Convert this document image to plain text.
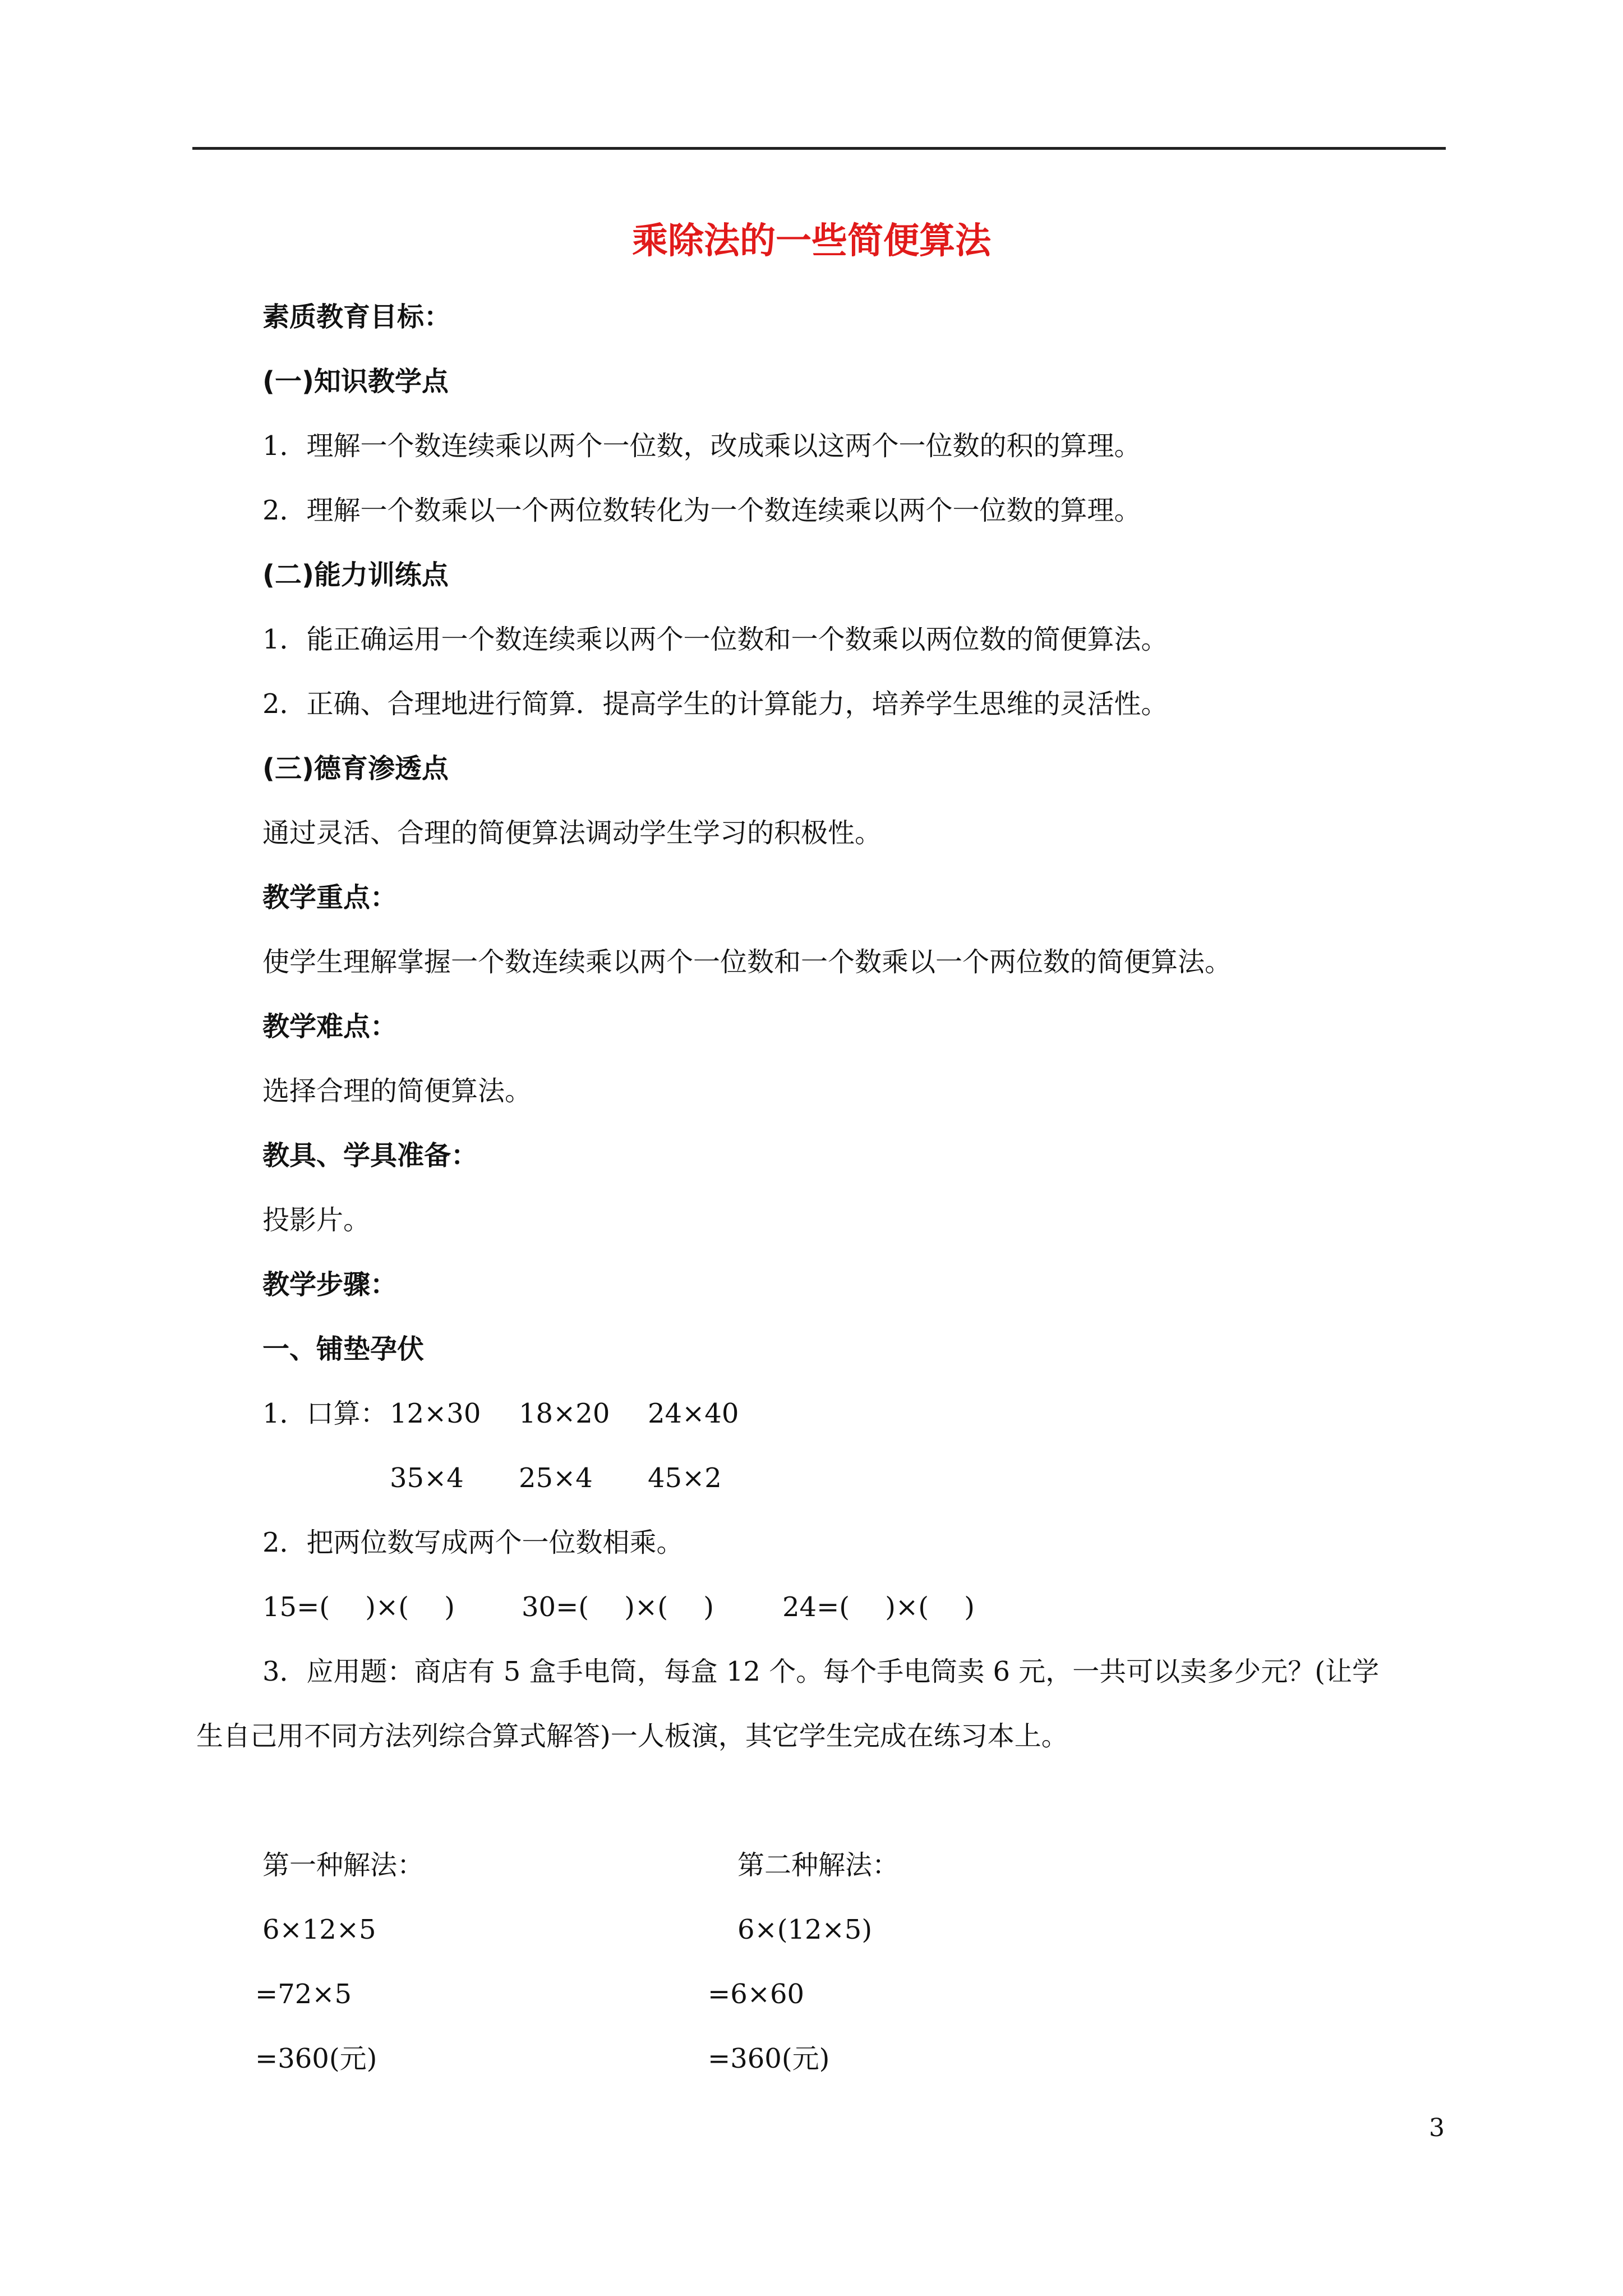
乘除法的一些简便算法
素质教育目标：
(一)知识教学点
1．理解一个数连续乘以两个一位数，改成乘以这两个一位数的积的算理。
2．理解一个数乘以一个两位数转化为一个数连续乘以两个一位数的算理。
(二)能力训练点
1．能正确运用一个数连续乘以两个一位数和一个数乘以两位数的简便算法。
2．正确、合理地进行简算．提高学生的计算能力，培养学生思维的灵活性。
(三)德育渗透点
通过灵活、合理的简便算法调动学生学习的积极性。
教学重点：
使学生理解掌握一个数连续乘以两个一位数和一个数乘以一个两位数的简便算法。
教学难点：
选择合理的简便算法。
教具、学具准备：
投影片。
教学步骤：
一、铺垫孕伏
1．口算： 12×30 18×20 24×40
35×4 25×4 45×2
2．把两位数写成两个一位数相乘。
15=(　 )×(　 ) 30=(　 )×(　 )	24=(　 )×(　 )
3．应用题：商店有 5 盒手电筒，每盒 12 个。每个手电筒卖 6 元，一共可以卖多少元？(让学
生自己用不同方法列综合算式解答)一人板演，其它学生完成在练习本上。
第一种解法：	第二种解法：
6×12×5	6×(12×5)
=72×5	=6×60
=360(元)	=360(元)
3
